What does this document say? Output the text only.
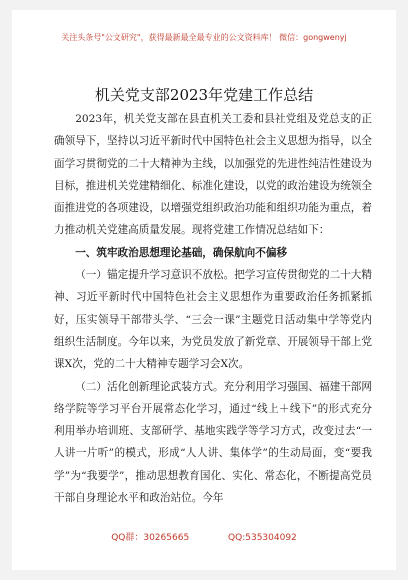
关注头条号"公文研究"，获得最新最全最专业的公文资料库！ 微信：gongwenyj
机关党支部2023年党建工作总结

2023年，机关党支部在县直机关工委和县社党组及党总支的正确领导下，坚持以习近平新时代中国特色社会主义思想为指导，以全面学习贯彻党的二十大精神为主线，以加强党的先进性纯洁性建设为目标，推进机关党建精细化、标准化建设，以党的政治建设为统领全面推进党的各项建设，以增强党组织政治功能和组织功能为重点，着力推动机关党建高质量发展。现将党建工作情况总结如下：

一、筑牢政治思想理论基础，确保航向不偏移

（一）锚定提升学习意识不放松。把学习宣传贯彻党的二十大精神、习近平新时代中国特色社会主义思想作为重要政治任务抓紧抓好，压实领导干部带头学、“三会一课”主题党日活动集中学等党内组织生活制度。今年以来，为党员发放了新党章、开展领导干部上党课X次，党的二十大精神专题学习会X次。

（二）活化创新理论武装方式。充分利用学习强国、福建干部网络学院等学习平台开展常态化学习，通过“线上＋线下”的形式充分利用举办培训班、支部研学、基地实践学等学习方式，改变过去“一人讲一片听”的模式，形成“人人讲、集体学”的生动局面，变“要我学”为“我要学”，推动思想教育国化、实化、常态化，不断提高党员干部自身理论水平和政治站位。今年

QQ群：30265665	QQ:535304092
